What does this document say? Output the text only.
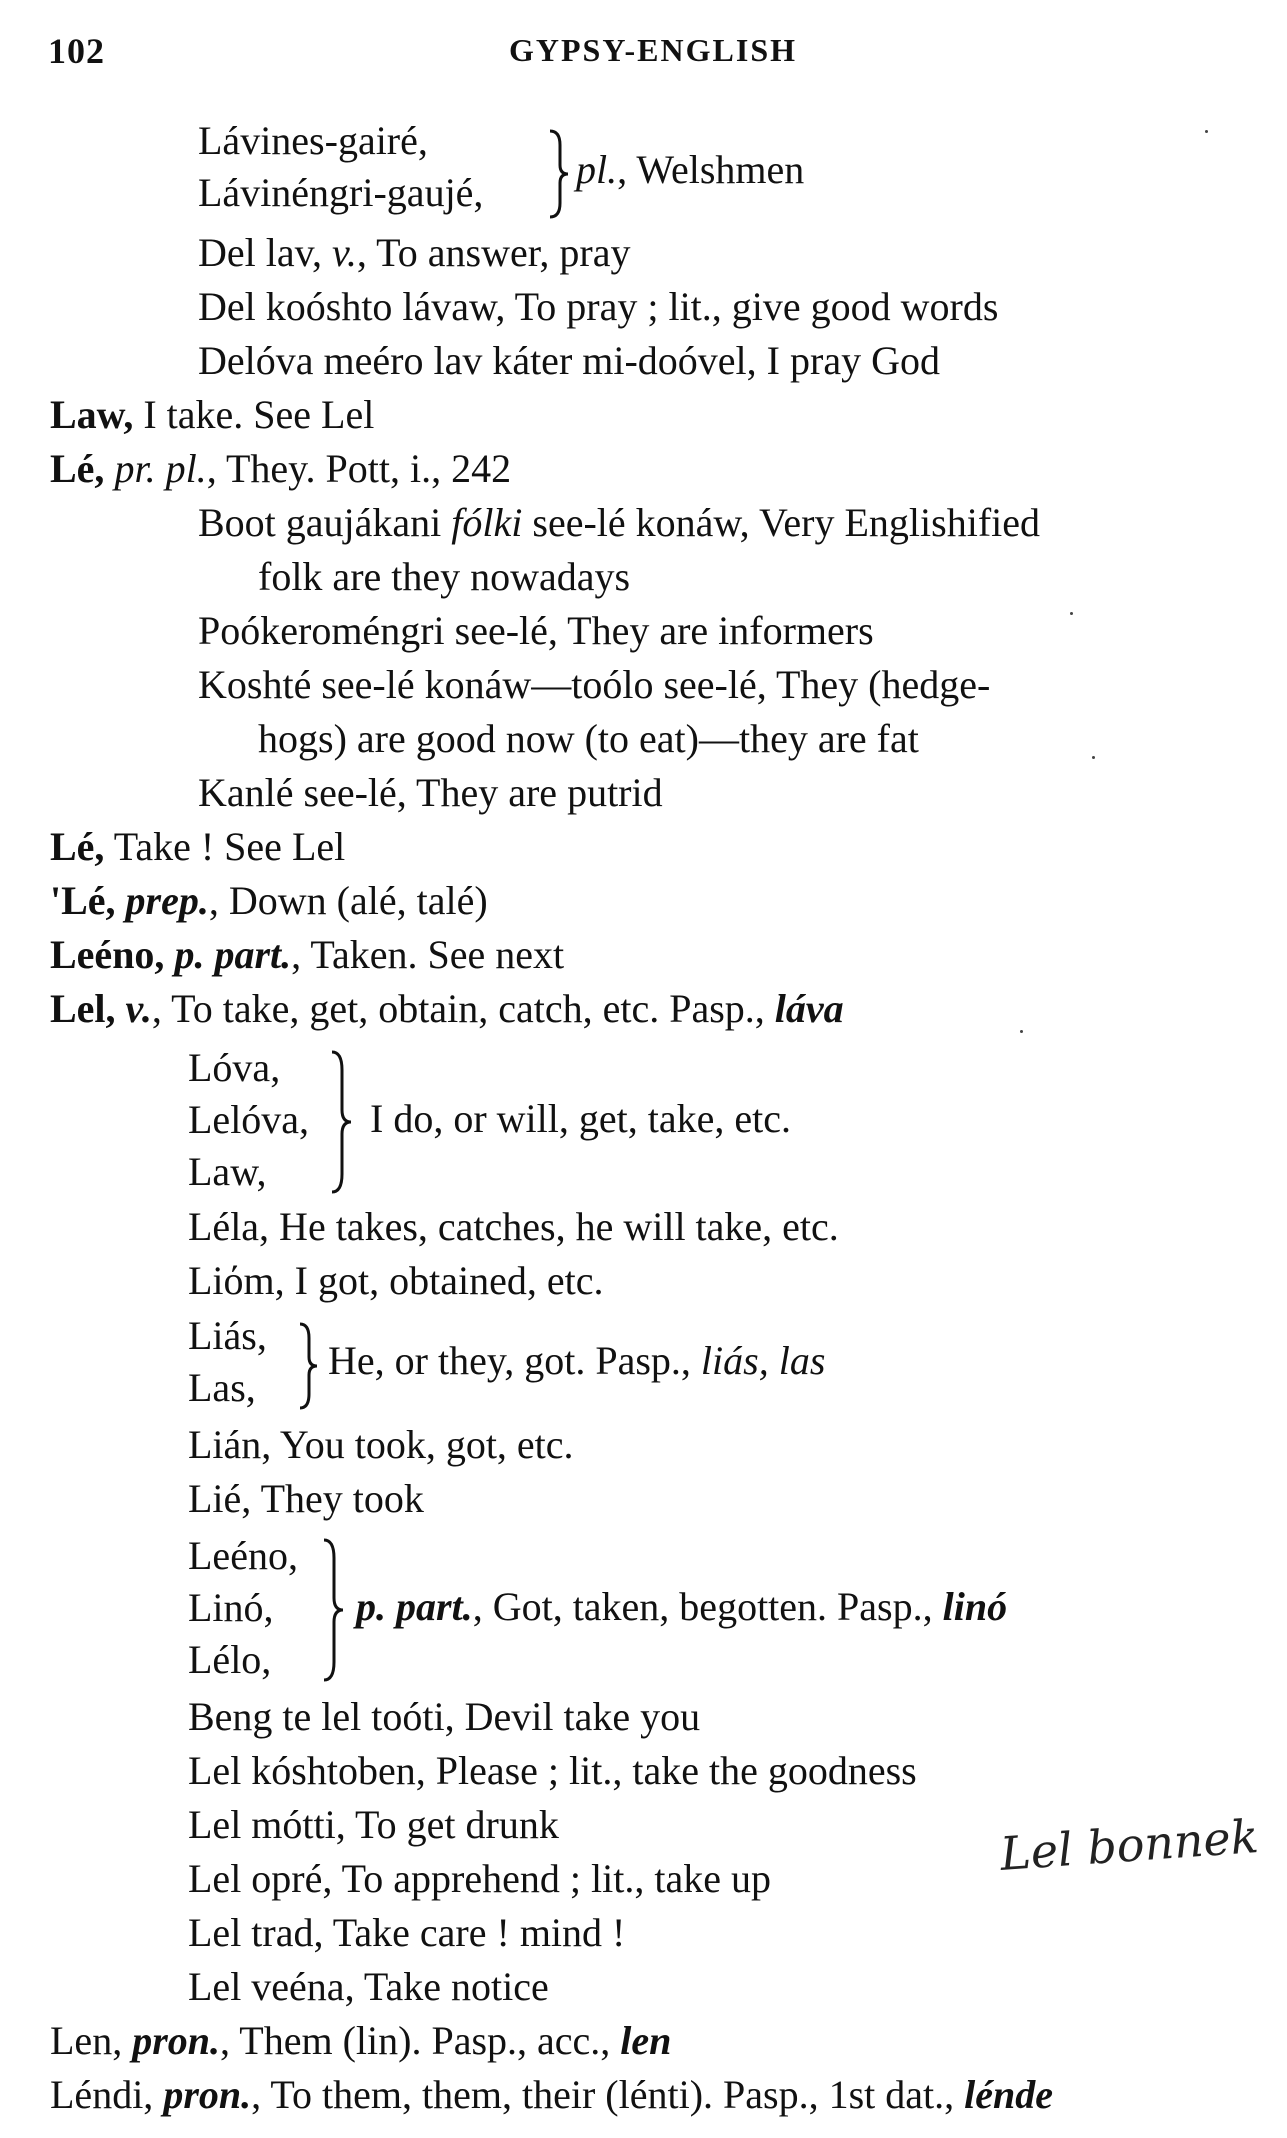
102	GYPSY-ENGLISH
Lávines-gairé,
Lávinéngri-gaujé,
pl., Welshmen
Del lav, v., To answer, pray
Del koóshto lávaw, To pray ; lit., give good words
Delóva meéro lav káter mi-doóvel, I pray God
Law, I take. See Lel
Lé, pr. pl., They. Pott, i., 242
Boot gaujákani fólki see-lé konáw, Very Englishified
folk are they nowadays
Poókeroméngri see-lé, They are informers
Koshté see-lé konáw—toólo see-lé, They (hedge-
hogs) are good now (to eat)—they are fat
Kanlé see-lé, They are putrid
Lé, Take ! See Lel
'Lé, prep., Down (alé, talé)
Leéno, p. part., Taken. See next
Lel, v., To take, get, obtain, catch, etc. Pasp., láva
Lóva,
Lelóva,
Law,
I do, or will, get, take, etc.
Léla, He takes, catches, he will take, etc.
Liόm, I got, obtained, etc.
Liás,
Las,
He, or they, got. Pasp., liás, las
Lián, You took, got, etc.
Lié, They took
Leéno,
Linó,
Lélo,
p. part., Got, taken, begotten. Pasp., linó
Beng te lel toóti, Devil take you
Lel kóshtoben, Please ; lit., take the goodness
Lel mótti, To get drunk
Lel opré, To apprehend ; lit., take up
Lel trad, Take care ! mind !
Lel veéna, Take notice
Len, pron., Them (lin). Pasp., acc., len
Léndi, pron., To them, them, their (lénti). Pasp., 1st dat., lénde
Lel bonnek
